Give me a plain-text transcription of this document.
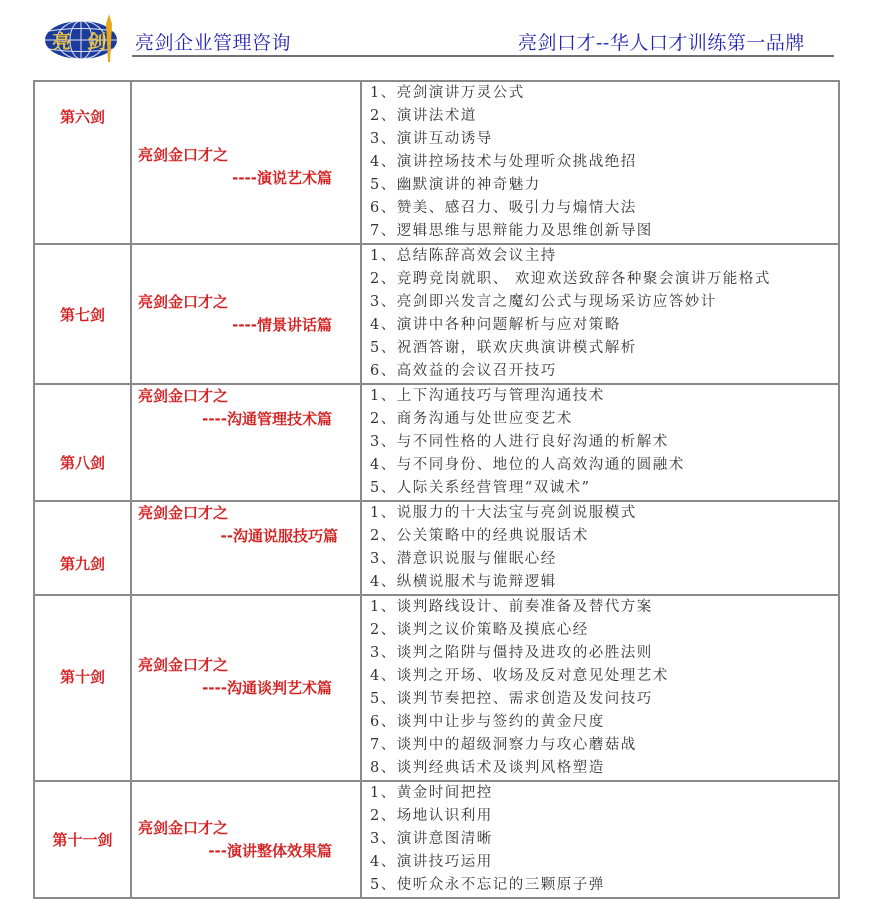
亮 剑 亮剑企业管理咨询	亮剑口才--华人口才训练第一品牌
第六剑	
亮剑金口才之
----演说艺术篇

1、亮剑演讲万灵公式
2、演讲法术道
3、演讲互动诱导
4、演讲控场技术与处理听众挑战绝招
5、幽默演讲的神奇魅力
6、赞美、感召力、吸引力与煽情大法
7、逻辑思维与思辩能力及思维创新导图

第七剑	
亮剑金口才之
----情景讲话篇

1、总结陈辞高效会议主持
2、竞聘竞岗就职、 欢迎欢送致辞各种聚会演讲万能格式
3、亮剑即兴发言之魔幻公式与现场采访应答妙计
4、演讲中各种问题解析与应对策略
5、祝酒答谢，联欢庆典演讲模式解析
6、高效益的会议召开技巧

第八剑	
亮剑金口才之
----沟通管理技术篇

1、上下沟通技巧与管理沟通技术
2、商务沟通与处世应变艺术
3、与不同性格的人进行良好沟通的析解术
4、与不同身份、地位的人高效沟通的圆融术
5、人际关系经营管理“双诚术”

第九剑	
亮剑金口才之
--沟通说服技巧篇

1、说服力的十大法宝与亮剑说服模式
2、公关策略中的经典说服话术
3、潜意识说服与催眠心经
4、纵横说服术与诡辩逻辑

第十剑	
亮剑金口才之
----沟通谈判艺术篇

1、谈判路线设计、前奏准备及替代方案
2、谈判之议价策略及摸底心经
3、谈判之陷阱与僵持及进攻的必胜法则
4、谈判之开场、收场及反对意见处理艺术
5、谈判节奏把控、需求创造及发问技巧
6、谈判中让步与签约的黄金尺度
7、谈判中的超级洞察力与攻心蘑菇战
8、谈判经典话术及谈判风格塑造

第十一剑	
亮剑金口才之
---演讲整体效果篇

1、黄金时间把控
2、场地认识利用
3、演讲意图清晰
4、演讲技巧运用
5、使听众永不忘记的三颗原子弹
